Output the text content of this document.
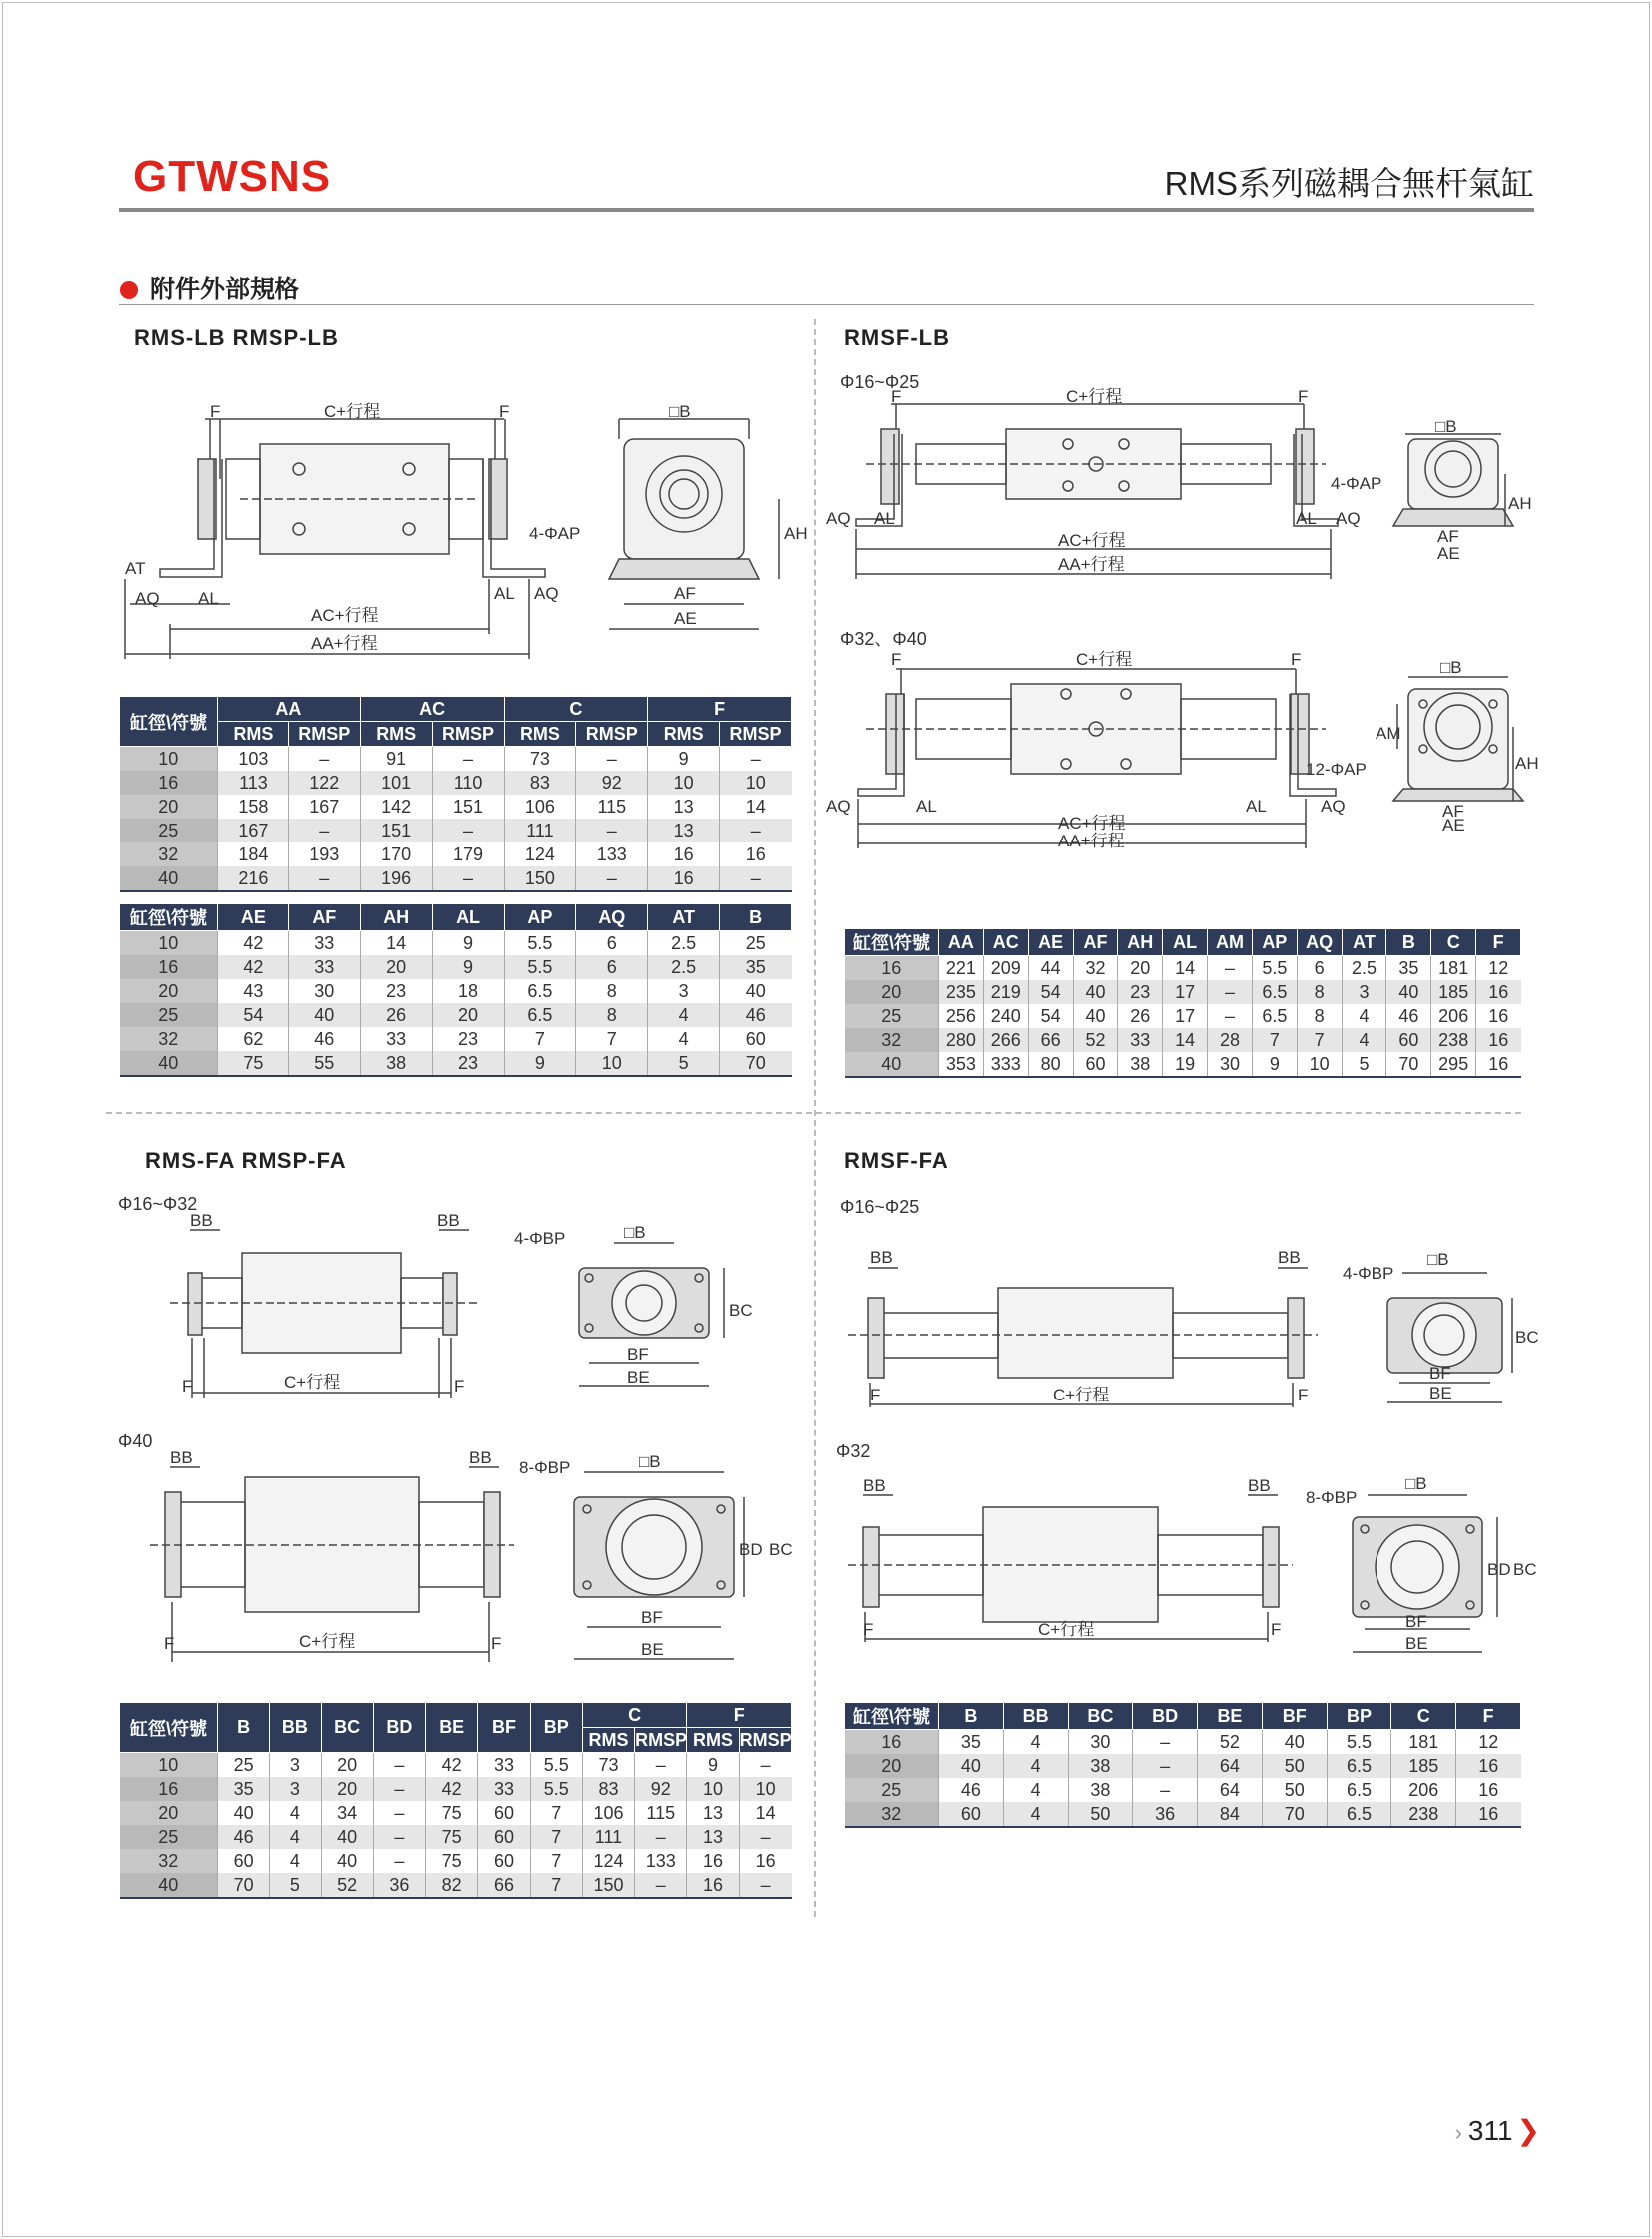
GTWSNS	RMS系列磁耦合無杆氣缸
附件外部規格
RMS-LB RMSP-LB
F	C+行程	F
AT
AQ AL
AC+行程
AA+行程
4-ΦAP
AL AQ
□B
AH
AF
AE
缸徑\符號	AA		AC		C		F	
	RMS	RMSP	RMS	RMSP	RMS	RMSP	RMS	RMSP
10	103	–	91	–	73	–	9	–
16	113	122	101	110	83	92	10	10
20	158	167	142	151	106	115	13	14
25	167	–	151	–	111	–	13	–
32	184	193	170	179	124	133	16	16
40	216	–	196	–	150	–	16	–
缸徑\符號	AE	AF	AH	AL	AP	AQ	AT	B
10	42	33	14	9	5.5	6	2.5	25
16	42	33	20	9	5.5	6	2.5	35
20	43	30	23	18	6.5	8	3	40
25	54	40	26	20	6.5	8	4	46
32	62	46	33	23	7	7	4	60
40	75	55	38	23	9	10	5	70
RMSF-LB
Φ16~Φ25
F	C+行程	F
AQ AL	AL AQ
4-ΦAP
AC+行程
AA+行程
□B
AH
AF
AE
Φ32、Φ40
F	C+行程	F
AQ	AL	AL	AQ
12-ΦAP
AC+行程
AA+行程
□B
AM
AH
AF
AE
缸徑\符號	AA	AC	AE	AF	AH	AL	AM	AP	AQ	AT	B	C	F
16	221	209	44	32	20	14	–	5.5	6	2.5	35	181	12
20	235	219	54	40	23	17	–	6.5	8	3	40	185	16
25	256	240	54	40	26	17	–	6.5	8	4	46	206	16
32	280	266	66	52	33	14	28	7	7	4	60	238	16
40	353	333	80	60	38	19	30	9	10	5	70	295	16
RMS-FA RMSP-FA
Φ16~Φ32
BB	BB
F	C+行程	F
4-ΦBP	□B
BC
BF
BE
Φ40
BB	BB
F	C+行程	F
8-ΦBP	□B
BD BC
BF
BE
缸徑\符號	B	BB	BC	BD	BE	BF	BP	C		F	
								RMS	RMSP	RMS	RMSP
10	25	3	20	–	42	33	5.5	73	–	9	–
16	35	3	20	–	42	33	5.5	83	92	10	10
20	40	4	34	–	75	60	7	106	115	13	14
25	46	4	40	–	75	60	7	111	–	13	–
32	60	4	40	–	75	60	7	124	133	16	16
40	70	5	52	36	82	66	7	150	–	16	–
RMSF-FA
Φ16~Φ25
BB	BB
F	C+行程	F
4-ΦBP
□B
BC
BF
BE
Φ32
BB	BB
F	C+行程	F
8-ΦBP
□B
BD BC
BF
BE
缸徑\符號	B	BB	BC	BD	BE	BF	BP	C	F
16	35	4	30	–	52	40	5.5	181	12
20	40	4	38	–	64	50	6.5	185	16
25	46	4	38	–	64	50	6.5	206	16
32	60	4	50	36	84	70	6.5	238	16
› 311 ❯
